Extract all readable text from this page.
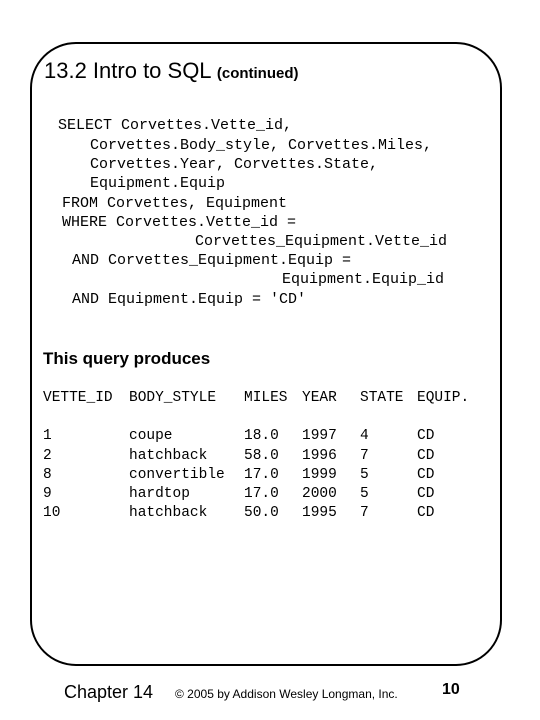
13.2 Intro to SQL (continued)
SELECT Corvettes.Vette_id,
Corvettes.Body_style, Corvettes.Miles,
Corvettes.Year, Corvettes.State,
Equipment.Equip
FROM Corvettes, Equipment
WHERE Corvettes.Vette_id =
Corvettes_Equipment.Vette_id
AND Corvettes_Equipment.Equip =
Equipment.Equip_id
AND Equipment.Equip = 'CD'
This query produces
VETTE_ID BODY_STYLE MILES YEAR STATE EQUIP.
1	coupe	18.0 1997 4	CD
2	hatchback	58.0 1996 7	CD
8	convertible 17.0 1999 5	CD
9	hardtop	17.0 2000 5	CD
10	hatchback	50.0 1995 7	CD
Chapter 14 © 2005 by Addison Wesley Longman, Inc.	10
